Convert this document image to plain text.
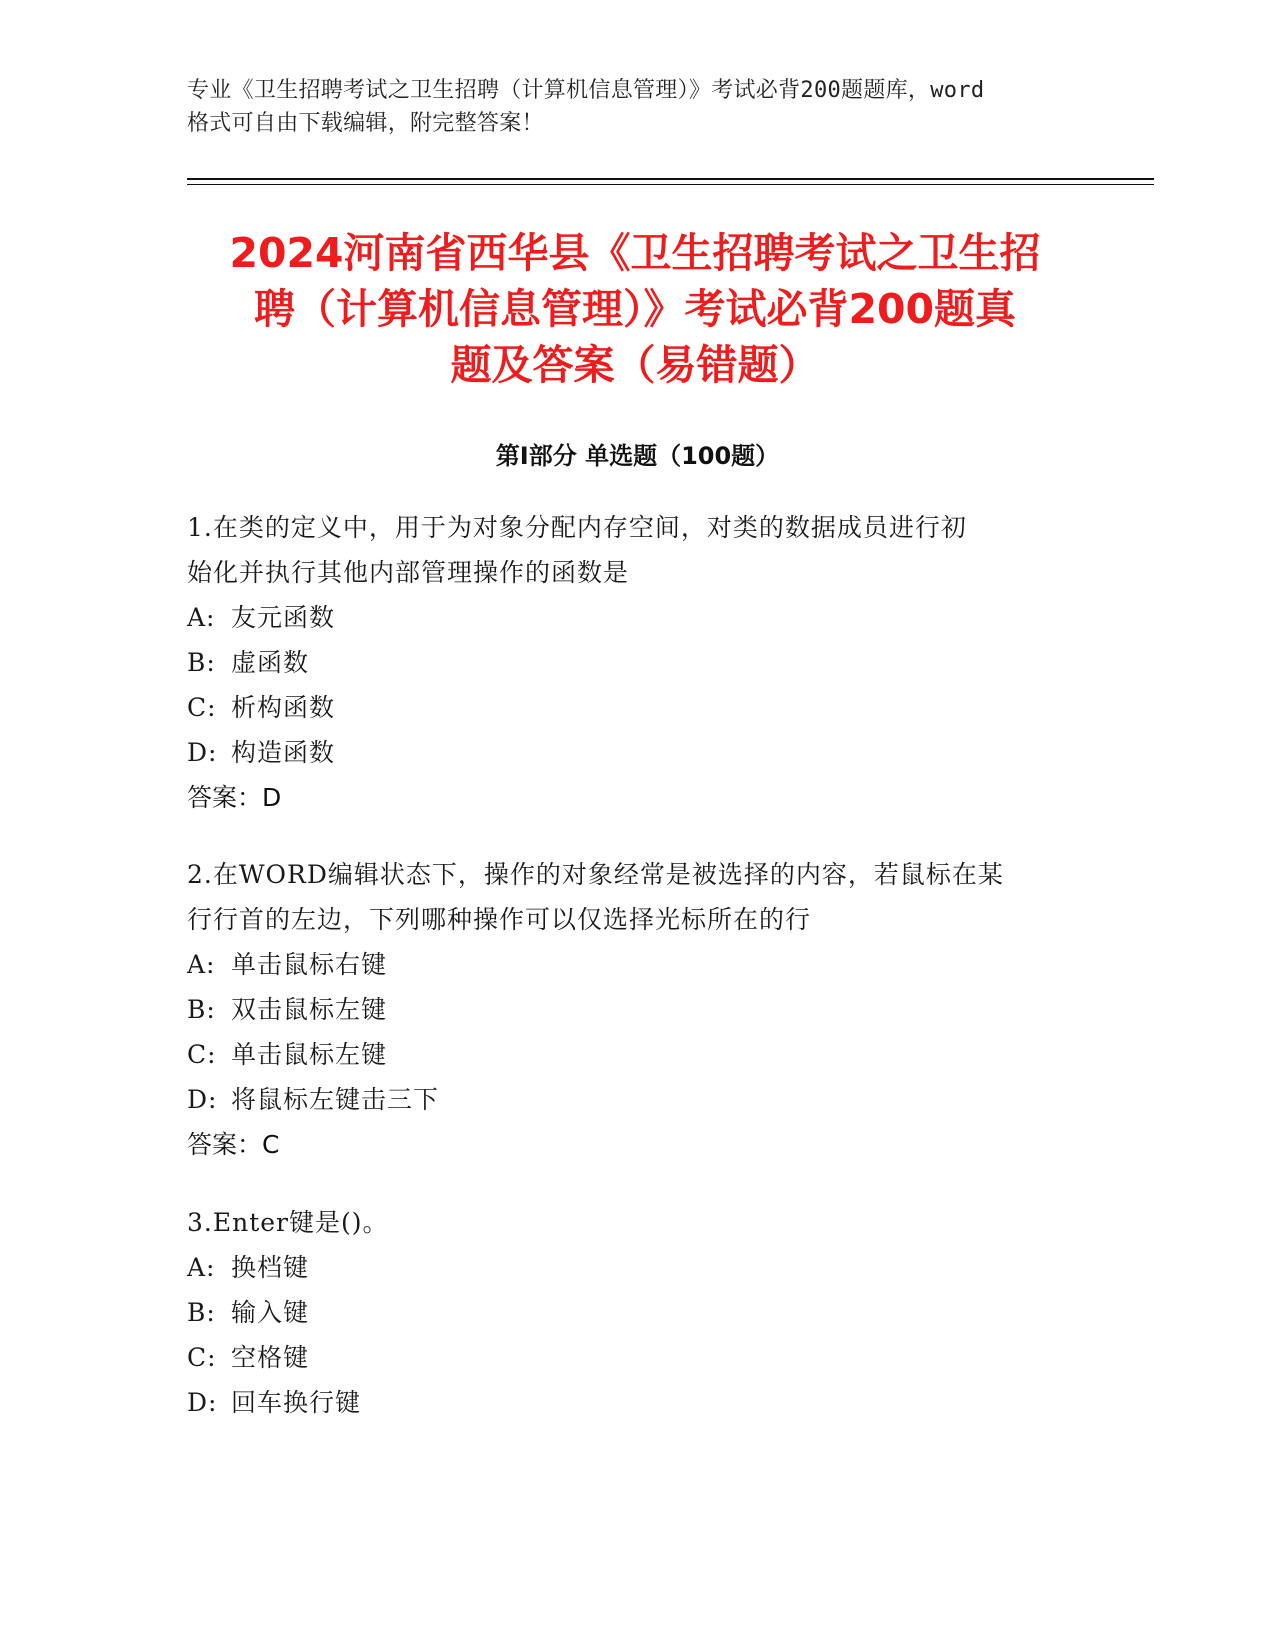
专业《卫生招聘考试之卫生招聘（计算机信息管理）》考试必背200题题库，word
格式可自由下载编辑，附完整答案！
2024河南省西华县《卫生招聘考试之卫生招
聘（计算机信息管理）》考试必背200题真
题及答案（易错题）
第Ⅰ部分 单选题（100题）
1.在类的定义中，用于为对象分配内存空间，对类的数据成员进行初
始化并执行其他内部管理操作的函数是
A: 友元函数
B: 虚函数
C: 析构函数
D: 构造函数
答案：D
2.在WORD编辑状态下，操作的对象经常是被选择的内容，若鼠标在某
行行首的左边，下列哪种操作可以仅选择光标所在的行
A: 单击鼠标右键
B: 双击鼠标左键
C: 单击鼠标左键
D: 将鼠标左键击三下
答案：C
3.Enter键是()。
A: 换档键
B: 输入键
C: 空格键
D: 回车换行键
